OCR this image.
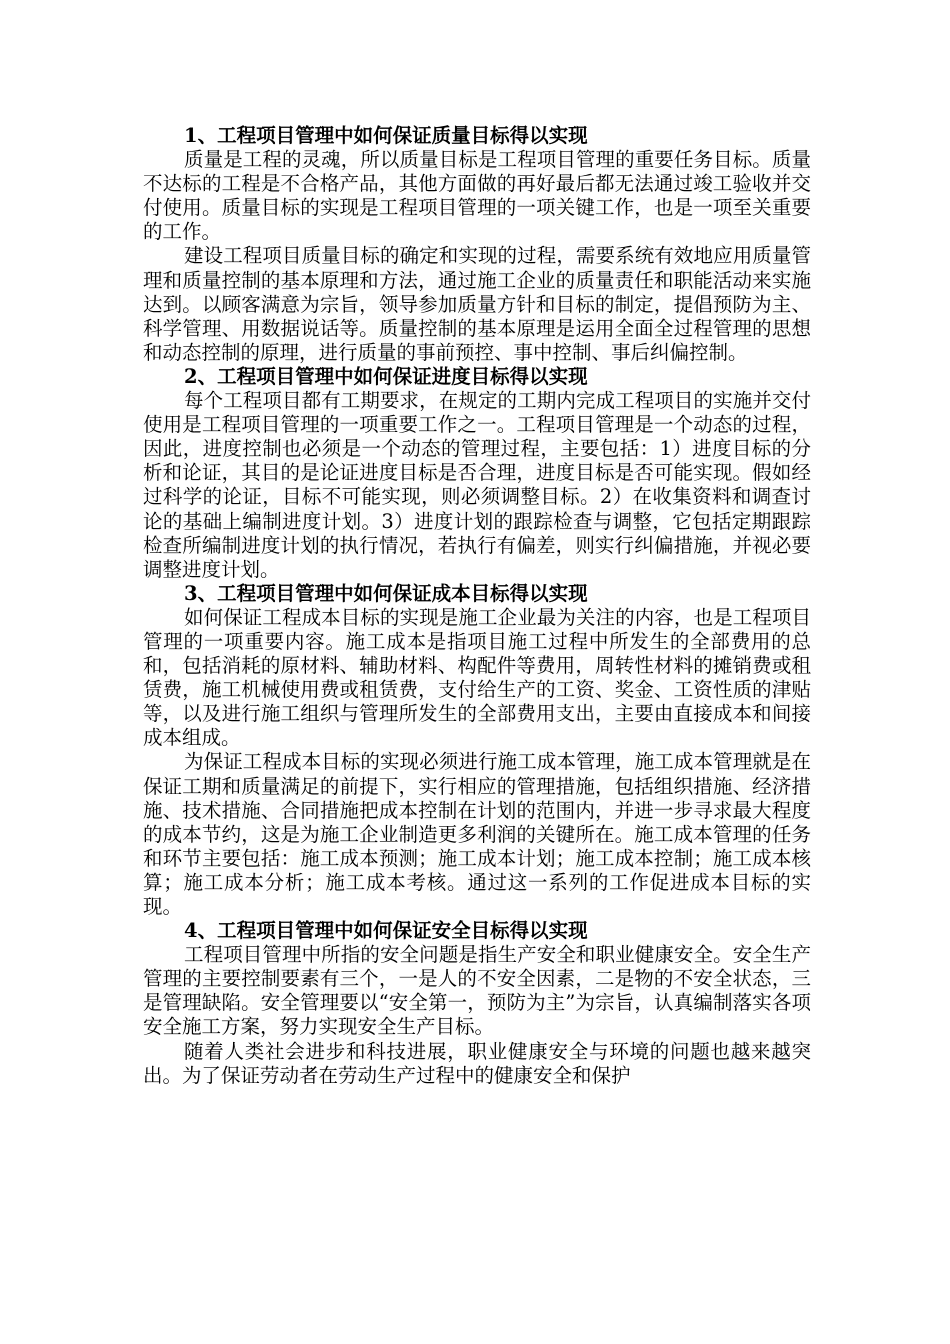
1、工程项目管理中如何保证质量目标得以实现

质量是工程的灵魂，所以质量目标是工程项目管理的重要任务目标。质量不达标的工程是不合格产品，其他方面做的再好最后都无法通过竣工验收并交付使用。质量目标的实现是工程项目管理的一项关键工作，也是一项至关重要的工作。

建设工程项目质量目标的确定和实现的过程，需要系统有效地应用质量管理和质量控制的基本原理和方法，通过施工企业的质量责任和职能活动来实施达到。以顾客满意为宗旨，领导参加质量方针和目标的制定，提倡预防为主、科学管理、用数据说话等。质量控制的基本原理是运用全面全过程管理的思想和动态控制的原理，进行质量的事前预控、事中控制、事后纠偏控制。

2、工程项目管理中如何保证进度目标得以实现

每个工程项目都有工期要求，在规定的工期内完成工程项目的实施并交付使用是工程项目管理的一项重要工作之一。工程项目管理是一个动态的过程，因此，进度控制也必须是一个动态的管理过程，主要包括：1）进度目标的分析和论证，其目的是论证进度目标是否合理，进度目标是否可能实现。假如经过科学的论证，目标不可能实现，则必须调整目标。2）在收集资料和调查讨论的基础上编制进度计划。3）进度计划的跟踪检查与调整，它包括定期跟踪检查所编制进度计划的执行情况，若执行有偏差，则实行纠偏措施，并视必要调整进度计划。

3、工程项目管理中如何保证成本目标得以实现

如何保证工程成本目标的实现是施工企业最为关注的内容，也是工程项目管理的一项重要内容。施工成本是指项目施工过程中所发生的全部费用的总和，包括消耗的原材料、辅助材料、构配件等费用，周转性材料的摊销费或租赁费，施工机械使用费或租赁费，支付给生产的工资、奖金、工资性质的津贴等，以及进行施工组织与管理所发生的全部费用支出，主要由直接成本和间接成本组成。

为保证工程成本目标的实现必须进行施工成本管理，施工成本管理就是在保证工期和质量满足的前提下，实行相应的管理措施，包括组织措施、经济措施、技术措施、合同措施把成本控制在计划的范围内，并进一步寻求最大程度的成本节约，这是为施工企业制造更多利润的关键所在。施工成本管理的任务和环节主要包括：施工成本预测；施工成本计划；施工成本控制；施工成本核算；施工成本分析；施工成本考核。通过这一系列的工作促进成本目标的实现。

4、工程项目管理中如何保证安全目标得以实现

工程项目管理中所指的安全问题是指生产安全和职业健康安全。安全生产管理的主要控制要素有三个，一是人的不安全因素，二是物的不安全状态，三是管理缺陷。安全管理要以“安全第一，预防为主”为宗旨，认真编制落实各项安全施工方案，努力实现安全生产目标。

随着人类社会进步和科技进展，职业健康安全与环境的问题也越来越突出。为了保证劳动者在劳动生产过程中的健康安全和保护
